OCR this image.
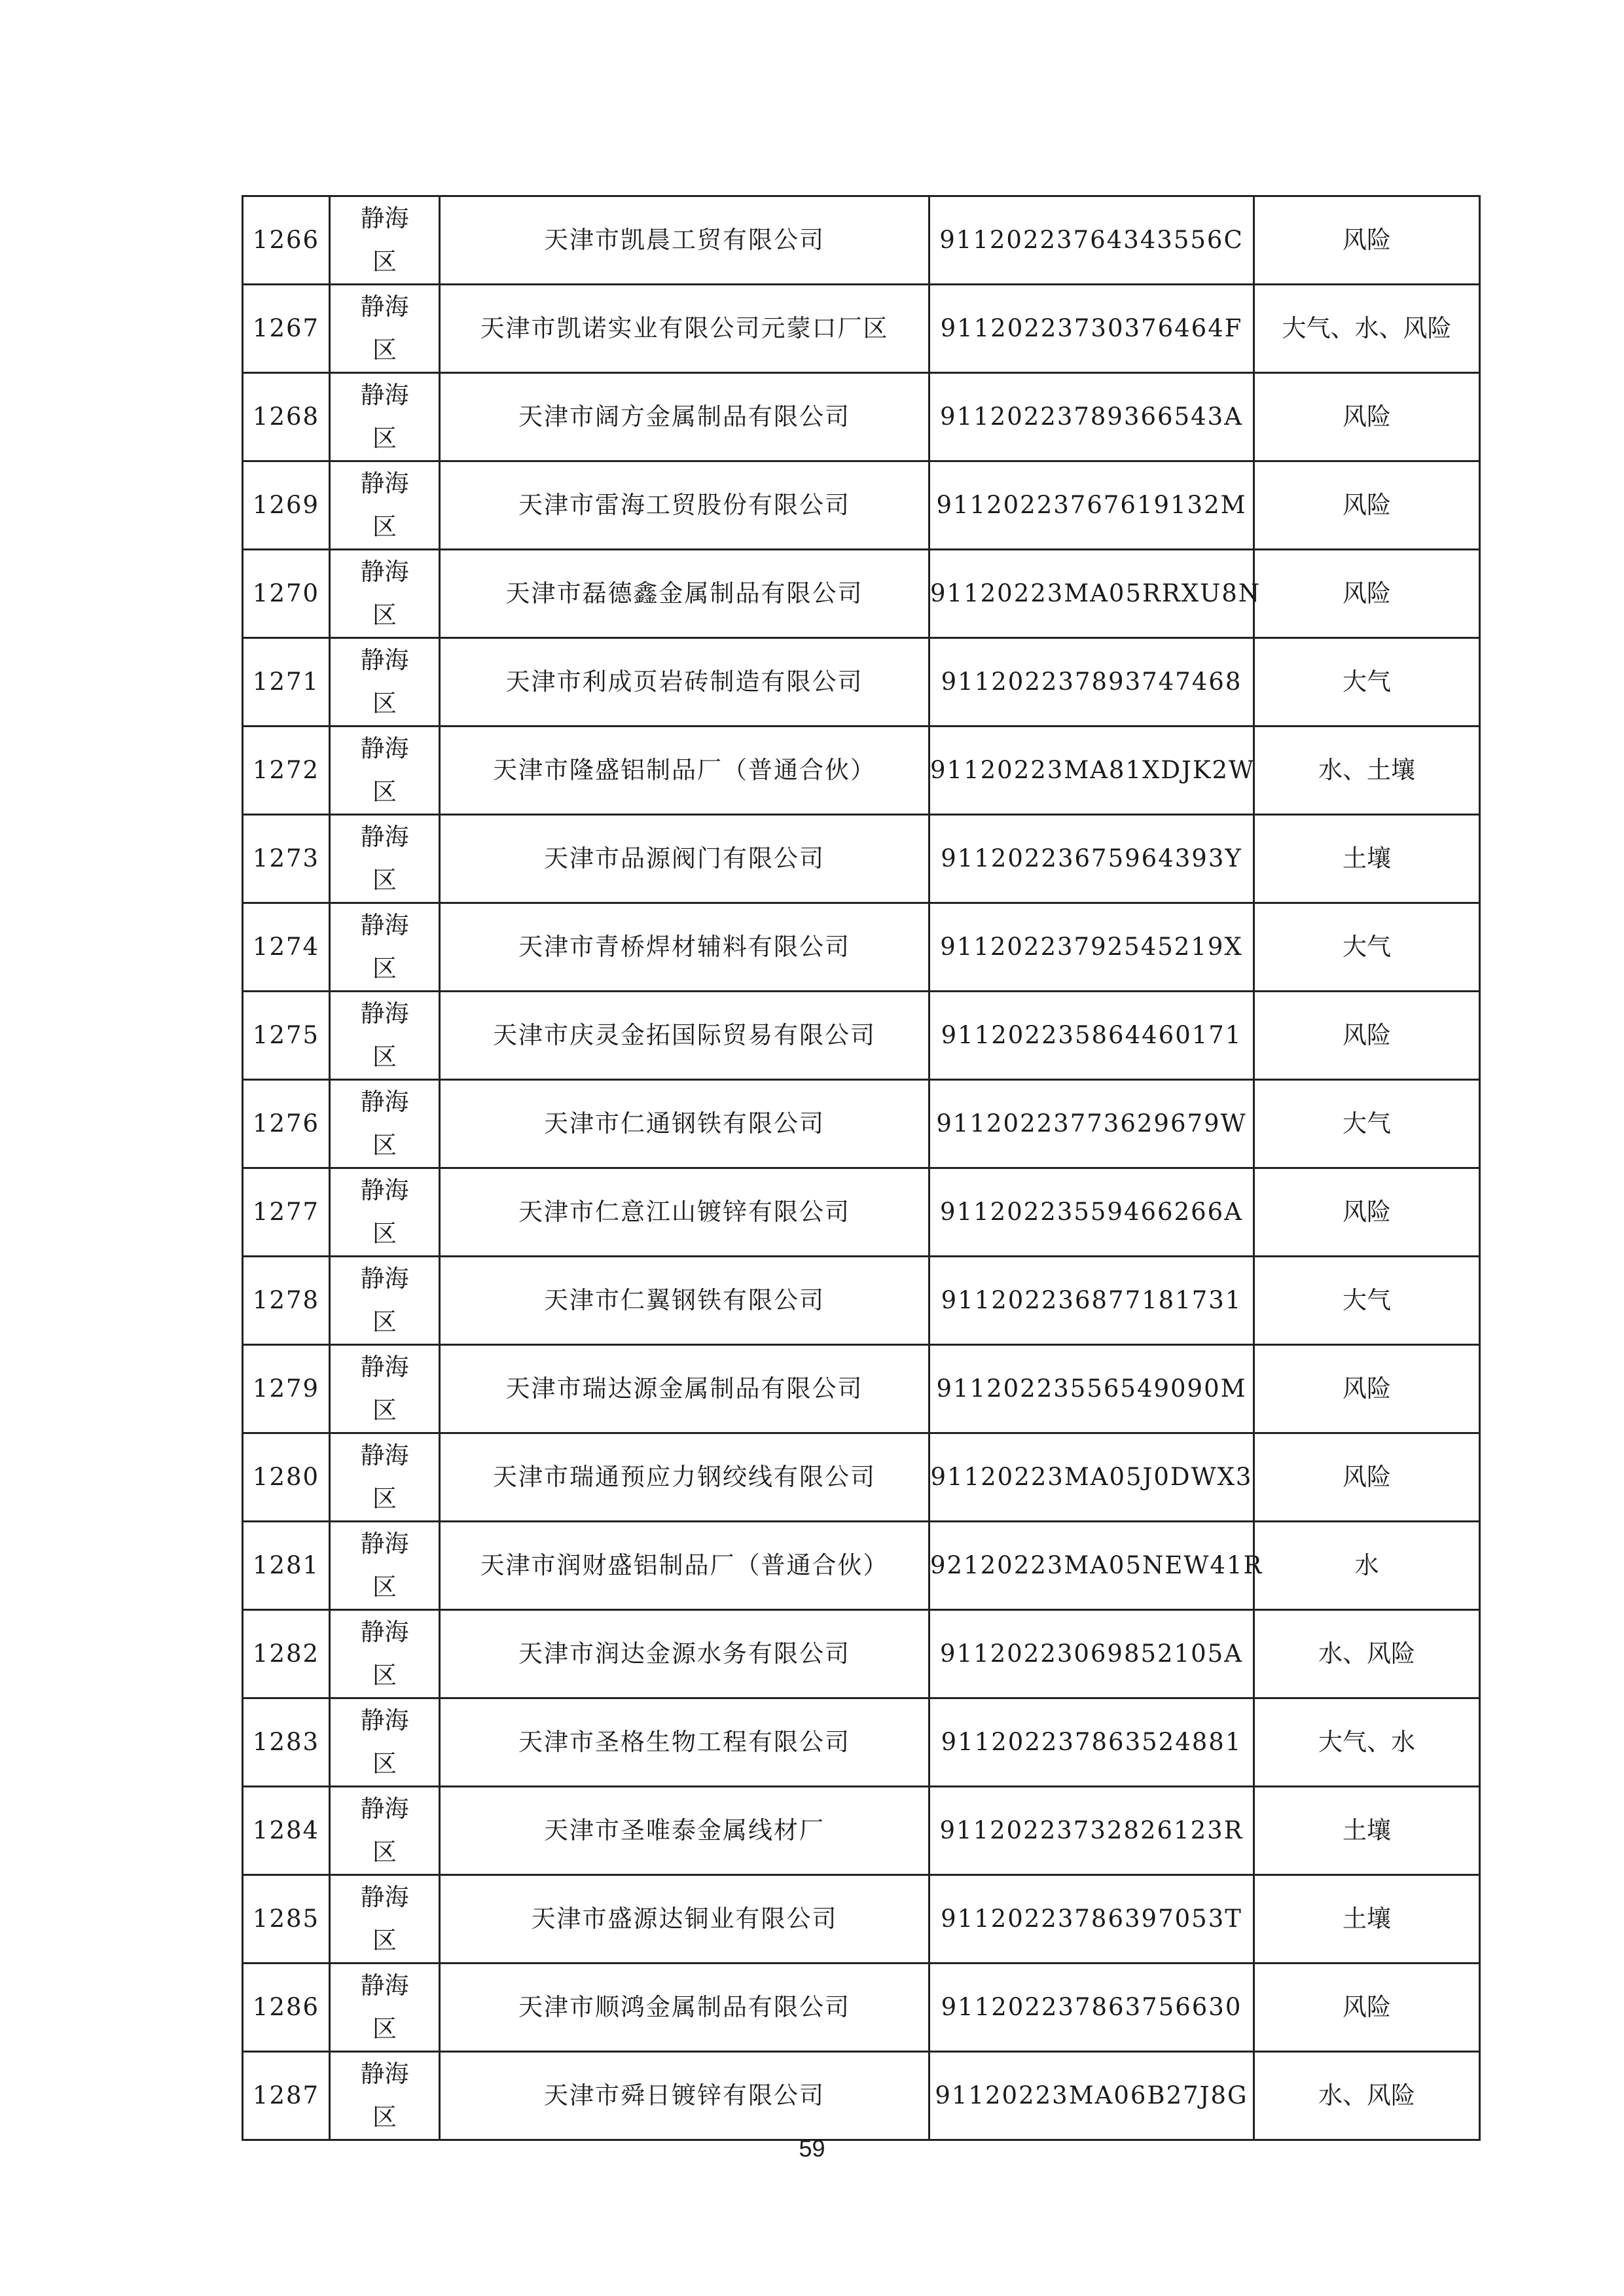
1266	静海区	天津市凯晨工贸有限公司	91120223764343556C	风险
1267	静海区	天津市凯诺实业有限公司元蒙口厂区	91120223730376464F	大气、水、风险
1268	静海区	天津市阔方金属制品有限公司	91120223789366543A	风险
1269	静海区	天津市雷海工贸股份有限公司	91120223767619132M	风险
1270	静海区	天津市磊德鑫金属制品有限公司	91120223MA05RRXU8N	风险
1271	静海区	天津市利成页岩砖制造有限公司	911202237893747468	大气
1272	静海区	天津市隆盛铝制品厂（普通合伙）	91120223MA81XDJK2W	水、土壤
1273	静海区	天津市品源阀门有限公司	91120223675964393Y	土壤
1274	静海区	天津市青桥焊材辅料有限公司	91120223792545219X	大气
1275	静海区	天津市庆灵金拓国际贸易有限公司	911202235864460171	风险
1276	静海区	天津市仁通钢铁有限公司	91120223773629679W	大气
1277	静海区	天津市仁意江山镀锌有限公司	91120223559466266A	风险
1278	静海区	天津市仁翼钢铁有限公司	911202236877181731	大气
1279	静海区	天津市瑞达源金属制品有限公司	91120223556549090M	风险
1280	静海区	天津市瑞通预应力钢绞线有限公司	91120223MA05J0DWX3	风险
1281	静海区	天津市润财盛铝制品厂（普通合伙）	92120223MA05NEW41R	水
1282	静海区	天津市润达金源水务有限公司	91120223069852105A	水、风险
1283	静海区	天津市圣格生物工程有限公司	911202237863524881	大气、水
1284	静海区	天津市圣唯泰金属线材厂	91120223732826123R	土壤
1285	静海区	天津市盛源达铜业有限公司	91120223786397053T	土壤
1286	静海区	天津市顺鸿金属制品有限公司	911202237863756630	风险
1287	静海区	天津市舜日镀锌有限公司	91120223MA06B27J8G	水、风险
59
